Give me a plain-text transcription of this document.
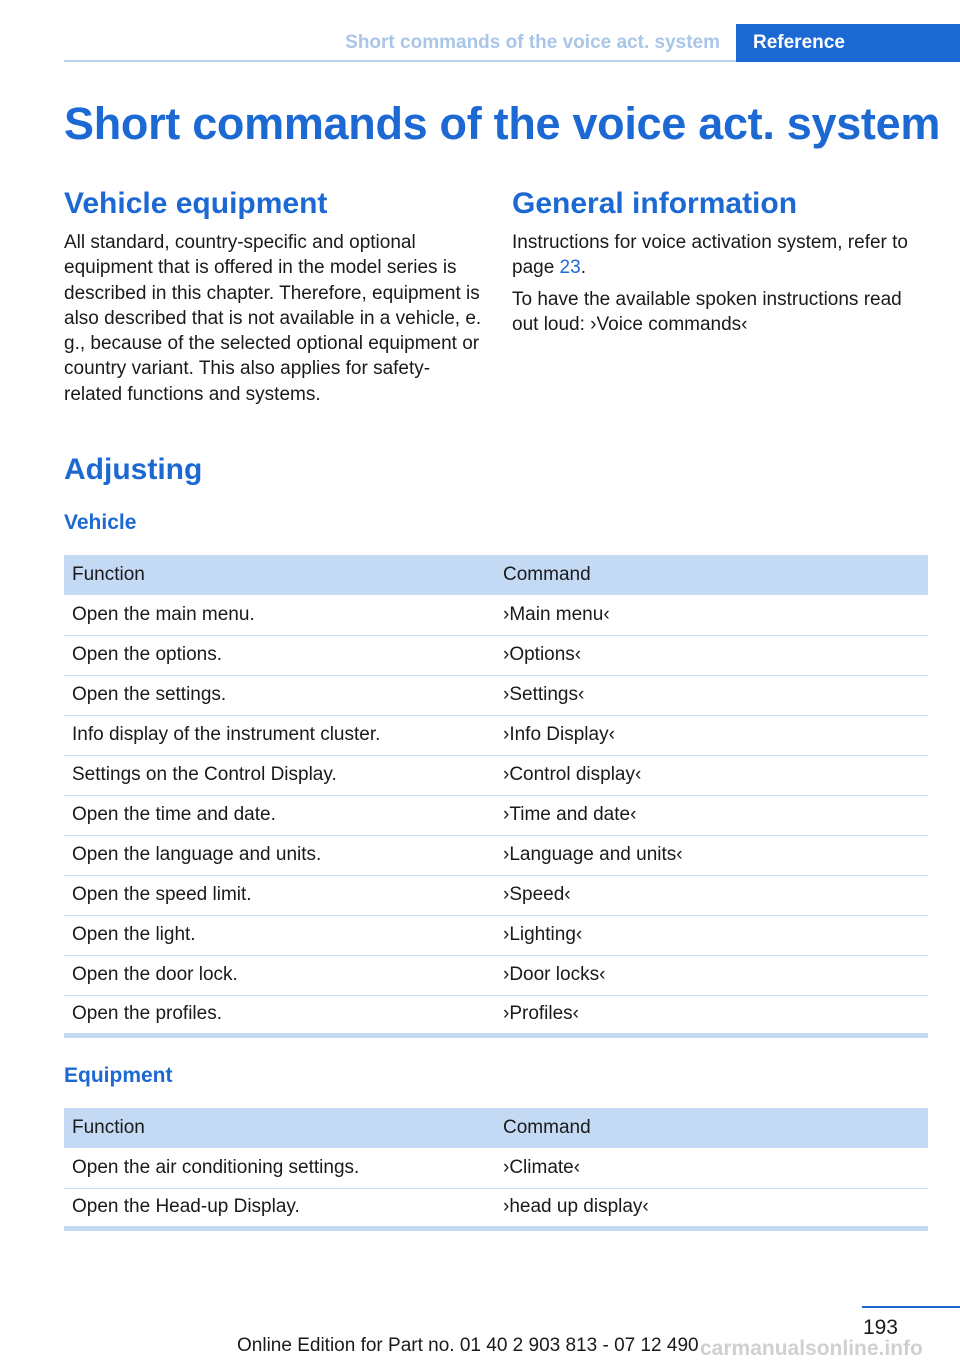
Short commands of the voice act. system	Reference
Short commands of the voice act. system
Vehicle equipment

All standard, country-specific and optional equipment that is offered in the model series is described in this chapter. Therefore, equipment is also described that is not available in a vehicle, e. g., because of the selected optional equipment or country variant. This also applies for safety-related functions and systems.

General information

Instructions for voice activation system, refer to page 23.

To have the available spoken instructions read out loud: ›Voice commands‹

Adjusting
Vehicle
Function	Command
Open the main menu.	›Main menu‹
Open the options.	›Options‹
Open the settings.	›Settings‹
Info display of the instrument cluster.	›Info Display‹
Settings on the Control Display.	›Control display‹
Open the time and date.	›Time and date‹
Open the language and units.	›Language and units‹
Open the speed limit.	›Speed‹
Open the light.	›Lighting‹
Open the door lock.	›Door locks‹
Open the profiles.	›Profiles‹
Equipment
Function	Command
Open the air conditioning settings.	›Climate‹
Open the Head-up Display.	›head up display‹
193
Online Edition for Part no. 01 40 2 903 813 - 07 12 490 carmanualsonline.info
